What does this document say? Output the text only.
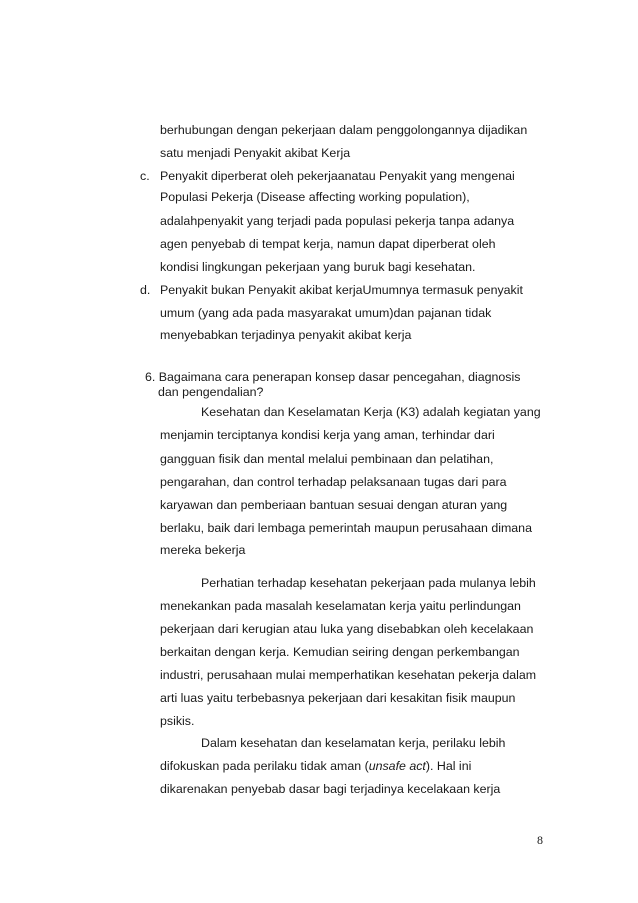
berhubungan dengan pekerjaan dalam penggolongannya dijadikan

satu menjadi Penyakit akibat Kerja

c. Penyakit diperberat oleh pekerjaanatau Penyakit yang mengenai

Populasi Pekerja (Disease affecting working population),

adalahpenyakit yang terjadi pada populasi pekerja tanpa adanya

agen penyebab di tempat kerja, namun dapat diperberat oleh

kondisi lingkungan pekerjaan yang buruk bagi kesehatan.

d. Penyakit bukan Penyakit akibat kerjaUmumnya termasuk penyakit

umum (yang ada pada masyarakat umum)dan pajanan tidak

menyebabkan terjadinya penyakit akibat kerja

6. Bagaimana cara penerapan konsep dasar pencegahan, diagnosis

dan pengendalian?

Kesehatan dan Keselamatan Kerja (K3) adalah kegiatan yang

menjamin terciptanya kondisi kerja yang aman, terhindar dari

gangguan fisik dan mental melalui pembinaan dan pelatihan,

pengarahan, dan control terhadap pelaksanaan tugas dari para

karyawan dan pemberiaan bantuan sesuai dengan aturan yang

berlaku, baik dari lembaga pemerintah maupun perusahaan dimana

mereka bekerja

Perhatian terhadap kesehatan pekerjaan pada mulanya lebih

menekankan pada masalah keselamatan kerja yaitu perlindungan

pekerjaan dari kerugian atau luka yang disebabkan oleh kecelakaan

berkaitan dengan kerja. Kemudian seiring dengan perkembangan

industri, perusahaan mulai memperhatikan kesehatan pekerja dalam

arti luas yaitu terbebasnya pekerjaan dari kesakitan fisik maupun

psikis.

Dalam kesehatan dan keselamatan kerja, perilaku lebih

difokuskan pada perilaku tidak aman (unsafe act). Hal ini

dikarenakan penyebab dasar bagi terjadinya kecelakaan kerja

8
